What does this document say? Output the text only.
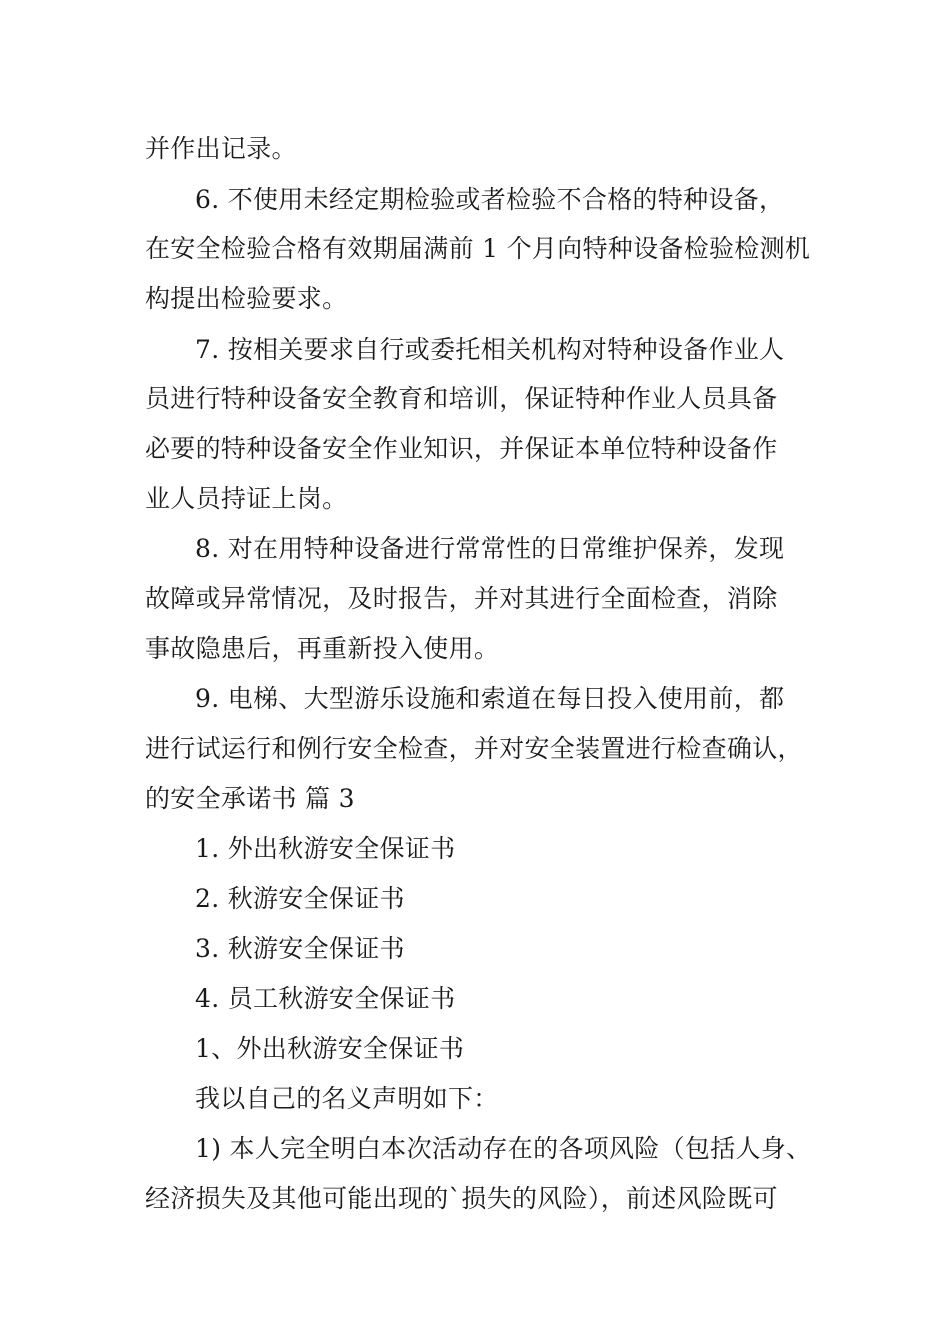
并作出记录。
6. 不使用未经定期检验或者检验不合格的特种设备，
在安全检验合格有效期届满前 1 个月向特种设备检验检测机
构提出检验要求。
7. 按相关要求自行或委托相关机构对特种设备作业人
员进行特种设备安全教育和培训，保证特种作业人员具备
必要的特种设备安全作业知识，并保证本单位特种设备作
业人员持证上岗。
8. 对在用特种设备进行常常性的日常维护保养，发现
故障或异常情况，及时报告，并对其进行全面检查，消除
事故隐患后，再重新投入使用。
9. 电梯、大型游乐设施和索道在每日投入使用前，都
进行试运行和例行安全检查，并对安全装置进行检查确认，
的安全承诺书 篇 3
1. 外出秋游安全保证书
2. 秋游安全保证书
3. 秋游安全保证书
4. 员工秋游安全保证书
1、外出秋游安全保证书
我以自己的名义声明如下：
1) 本人完全明白本次活动存在的各项风险（包括人身、
经济损失及其他可能出现的`损失的风险），前述风险既可
